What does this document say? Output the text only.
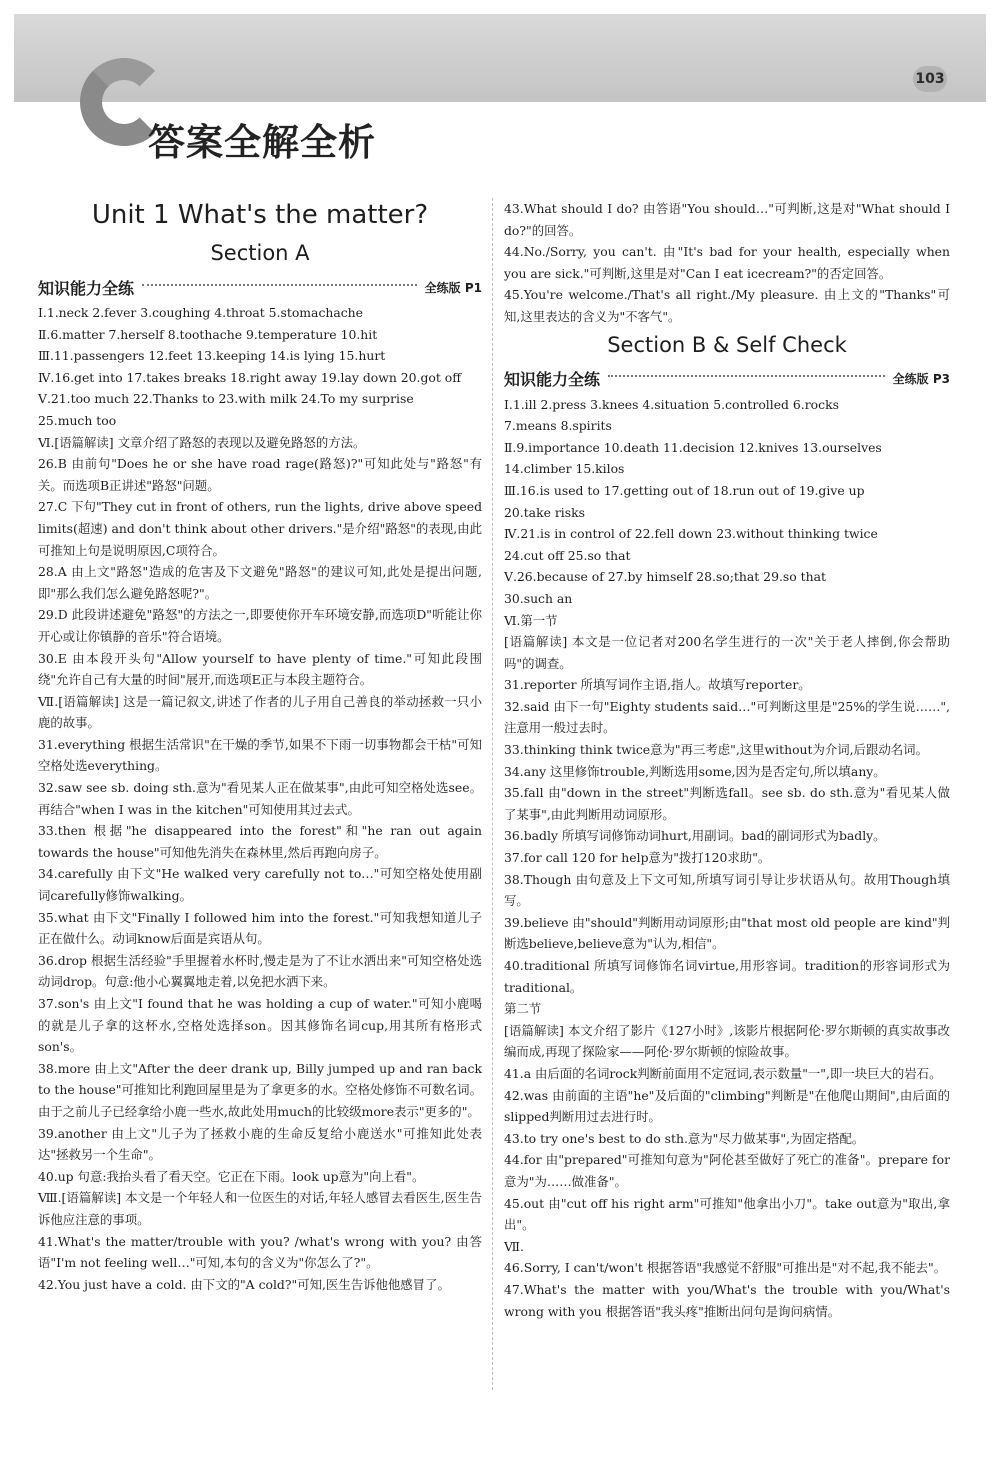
103
答案全解全析
Unit 1 What's the matter?
Section A
知识能力全练	全练版 P1

Ⅰ.1.neck 2.fever 3.coughing 4.throat 5.stomachache

Ⅱ.6.matter 7.herself 8.toothache 9.temperature 10.hit

Ⅲ.11.passengers 12.feet 13.keeping 14.is lying 15.hurt

Ⅳ.16.get into 17.takes breaks 18.right away 19.lay down 20.got off

Ⅴ.21.too much 22.Thanks to 23.with milk 24.To my surprise

25.much too

Ⅵ.[语篇解读] 文章介绍了路怒的表现以及避免路怒的方法。

26.B 由前句"Does he or she have road rage(路怒)?"可知此处与"路怒"有关。而选项B正讲述"路怒"问题。

27.C 下句"They cut in front of others, run the lights, drive above speed limits(超速) and don't think about other drivers."是介绍"路怒"的表现,由此可推知上句是说明原因,C项符合。

28.A 由上文"路怒"造成的危害及下文避免"路怒"的建议可知,此处是提出问题,即"那么我们怎么避免路怒呢?"。

29.D 此段讲述避免"路怒"的方法之一,即要使你开车环境安静,而选项D"听能让你开心或让你镇静的音乐"符合语境。

30.E 由本段开头句"Allow yourself to have plenty of time."可知此段围绕"允许自己有大量的时间"展开,而选项E正与本段主题符合。

Ⅶ.[语篇解读] 这是一篇记叙文,讲述了作者的儿子用自己善良的举动拯救一只小鹿的故事。

31.everything 根据生活常识"在干燥的季节,如果不下雨一切事物都会干枯"可知空格处选everything。

32.saw see sb. doing sth.意为"看见某人正在做某事",由此可知空格处选see。再结合"when I was in the kitchen"可知使用其过去式。

33.then 根据"he disappeared into the forest"和"he ran out again towards the house"可知他先消失在森林里,然后再跑向房子。

34.carefully 由下文"He walked very carefully not to…"可知空格处使用副词carefully修饰walking。

35.what 由下文"Finally I followed him into the forest."可知我想知道儿子正在做什么。动词know后面是宾语从句。

36.drop 根据生活经验"手里握着水杯时,慢走是为了不让水洒出来"可知空格处选动词drop。句意:他小心翼翼地走着,以免把水洒下来。

37.son's 由上文"I found that he was holding a cup of water."可知小鹿喝的就是儿子拿的这杯水,空格处选择son。因其修饰名词cup,用其所有格形式son's。

38.more 由上文"After the deer drank up, Billy jumped up and ran back to the house"可推知比利跑回屋里是为了拿更多的水。空格处修饰不可数名词。由于之前儿子已经拿给小鹿一些水,故此处用much的比较级more表示"更多的"。

39.another 由上文"儿子为了拯救小鹿的生命反复给小鹿送水"可推知此处表达"拯救另一个生命"。

40.up 句意:我抬头看了看天空。它正在下雨。look up意为"向上看"。

Ⅷ.[语篇解读] 本文是一个年轻人和一位医生的对话,年轻人感冒去看医生,医生告诉他应注意的事项。

41.What's the matter/trouble with you? /what's wrong with you? 由答语"I'm not feeling well…"可知,本句的含义为"你怎么了?"。

42.You just have a cold. 由下文的"A cold?"可知,医生告诉他他感冒了。

43.What should I do? 由答语"You should…"可判断,这是对"What should I do?"的回答。

44.No./Sorry, you can't. 由"It's bad for your health, especially when you are sick."可判断,这里是对"Can I eat icecream?"的否定回答。

45.You're welcome./That's all right./My pleasure. 由上文的"Thanks"可知,这里表达的含义为"不客气"。

Section B & Self Check
知识能力全练	全练版 P3

Ⅰ.1.ill 2.press 3.knees 4.situation 5.controlled 6.rocks

7.means 8.spirits

Ⅱ.9.importance 10.death 11.decision 12.knives 13.ourselves

14.climber 15.kilos

Ⅲ.16.is used to 17.getting out of 18.run out of 19.give up

20.take risks

Ⅳ.21.is in control of 22.fell down 23.without thinking twice

24.cut off 25.so that

Ⅴ.26.because of 27.by himself 28.so;that 29.so that

30.such an

Ⅵ.第一节

[语篇解读] 本文是一位记者对200名学生进行的一次"关于老人摔倒,你会帮助吗"的调查。

31.reporter 所填写词作主语,指人。故填写reporter。

32.said 由下一句"Eighty students said…"可判断这里是"25%的学生说……",注意用一般过去时。

33.thinking think twice意为"再三考虑",这里without为介词,后跟动名词。

34.any 这里修饰trouble,判断选用some,因为是否定句,所以填any。

35.fall 由"down in the street"判断选fall。see sb. do sth.意为"看见某人做了某事",由此判断用动词原形。

36.badly 所填写词修饰动词hurt,用副词。bad的副词形式为badly。

37.for call 120 for help意为"拨打120求助"。

38.Though 由句意及上下文可知,所填写词引导让步状语从句。故用Though填写。

39.believe 由"should"判断用动词原形;由"that most old people are kind"判断选believe,believe意为"认为,相信"。

40.traditional 所填写词修饰名词virtue,用形容词。tradition的形容词形式为traditional。

第二节

[语篇解读] 本文介绍了影片《127小时》,该影片根据阿伦·罗尔斯顿的真实故事改编而成,再现了探险家——阿伦·罗尔斯顿的惊险故事。

41.a 由后面的名词rock判断前面用不定冠词,表示数量"一",即一块巨大的岩石。

42.was 由前面的主语"he"及后面的"climbing"判断是"在他爬山期间",由后面的slipped判断用过去进行时。

43.to try one's best to do sth.意为"尽力做某事",为固定搭配。

44.for 由"prepared"可推知句意为"阿伦甚至做好了死亡的准备"。prepare for意为"为……做准备"。

45.out 由"cut off his right arm"可推知"他拿出小刀"。take out意为"取出,拿出"。

Ⅶ.

46.Sorry, I can't/won't 根据答语"我感觉不舒服"可推出是"对不起,我不能去"。

47.What's the matter with you/What's the trouble with you/What's wrong with you 根据答语"我头疼"推断出问句是询问病情。
